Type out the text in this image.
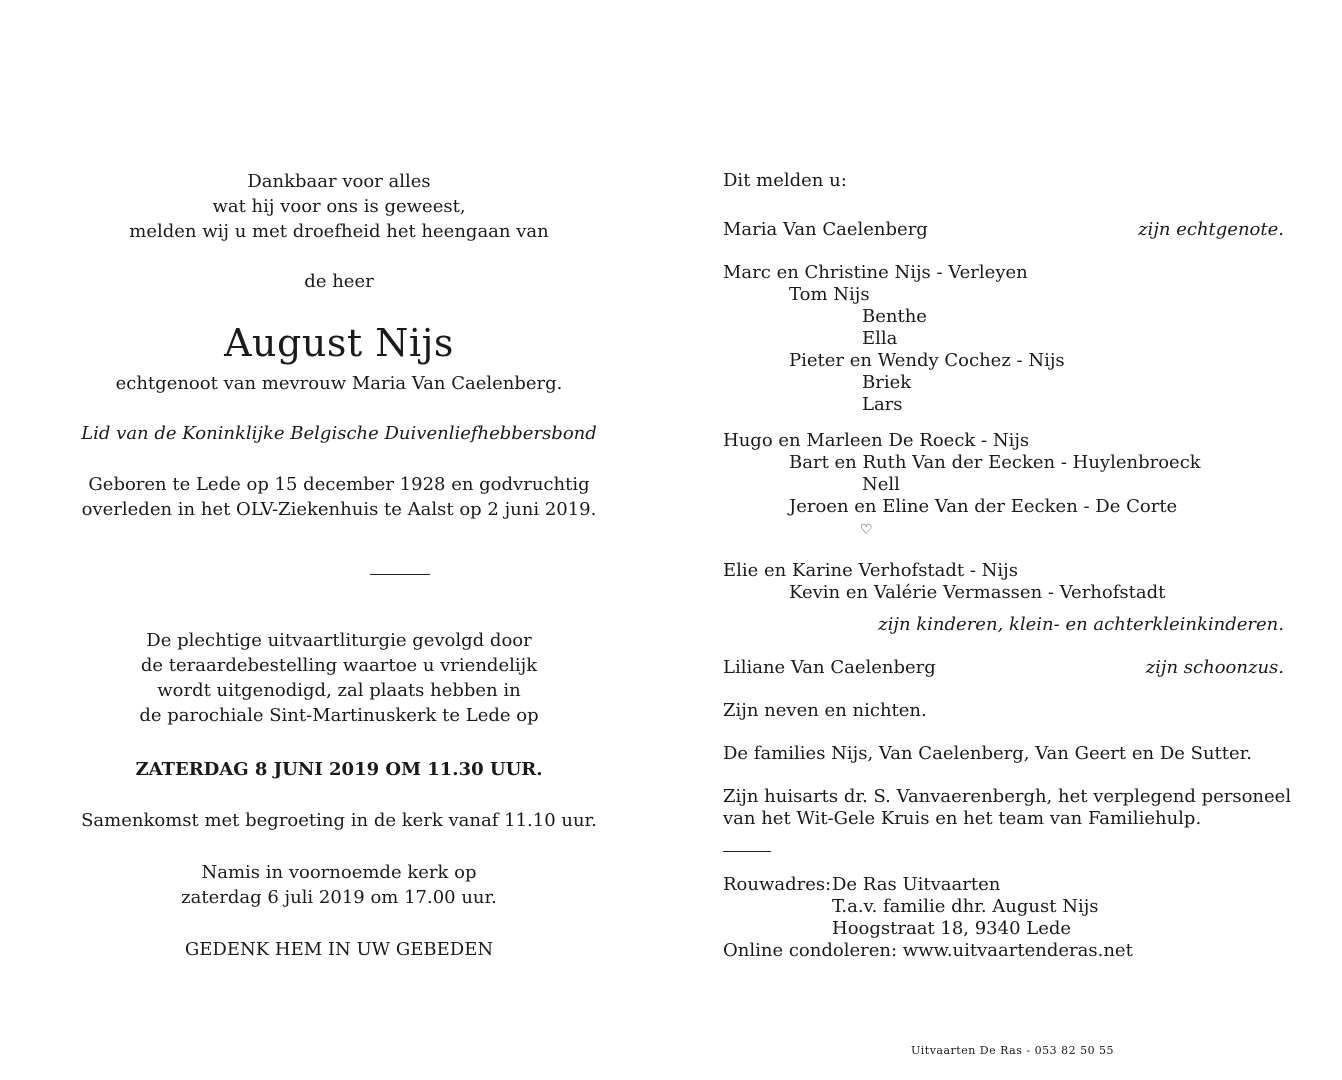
Dankbaar voor alles
wat hij voor ons is geweest,
melden wij u met droefheid het heengaan van
de heer
August Nijs
echtgenoot van mevrouw Maria Van Caelenberg.
Lid van de Koninklijke Belgische Duivenliefhebbersbond
Geboren te Lede op 15 december 1928 en godvruchtig
overleden in het OLV-Ziekenhuis te Aalst op 2 juni 2019.
De plechtige uitvaartliturgie gevolgd door
de teraardebestelling waartoe u vriendelijk
wordt uitgenodigd, zal plaats hebben in
de parochiale Sint-Martinuskerk te Lede op
ZATERDAG 8 JUNI 2019 OM 11.30 UUR.
Samenkomst met begroeting in de kerk vanaf 11.10 uur.
Namis in voornoemde kerk op
zaterdag 6 juli 2019 om 17.00 uur.
GEDENK HEM IN UW GEBEDEN
Dit melden u:
Maria Van Caelenberg	zijn echtgenote.
Marc en Christine Nijs - Verleyen
Tom Nijs
Benthe
Ella
Pieter en Wendy Cochez - Nijs
Briek
Lars
Hugo en Marleen De Roeck - Nijs
Bart en Ruth Van der Eecken - Huylenbroeck
Nell
Jeroen en Eline Van der Eecken - De Corte
♡
Elie en Karine Verhofstadt - Nijs
Kevin en Valérie Vermassen - Verhofstadt
zijn kinderen, klein- en achterkleinkinderen.
Liliane Van Caelenberg	zijn schoonzus.
Zijn neven en nichten.
De families Nijs, Van Caelenberg, Van Geert en De Sutter.
Zijn huisarts dr. S. Vanvaerenbergh, het verplegend personeel
van het Wit-Gele Kruis en het team van Familiehulp.
Rouwadres: De Ras Uitvaarten
T.a.v. familie dhr. August Nijs
Hoogstraat 18, 9340 Lede
Online condoleren: www.uitvaartenderas.net
Uitvaarten De Ras - 053 82 50 55
